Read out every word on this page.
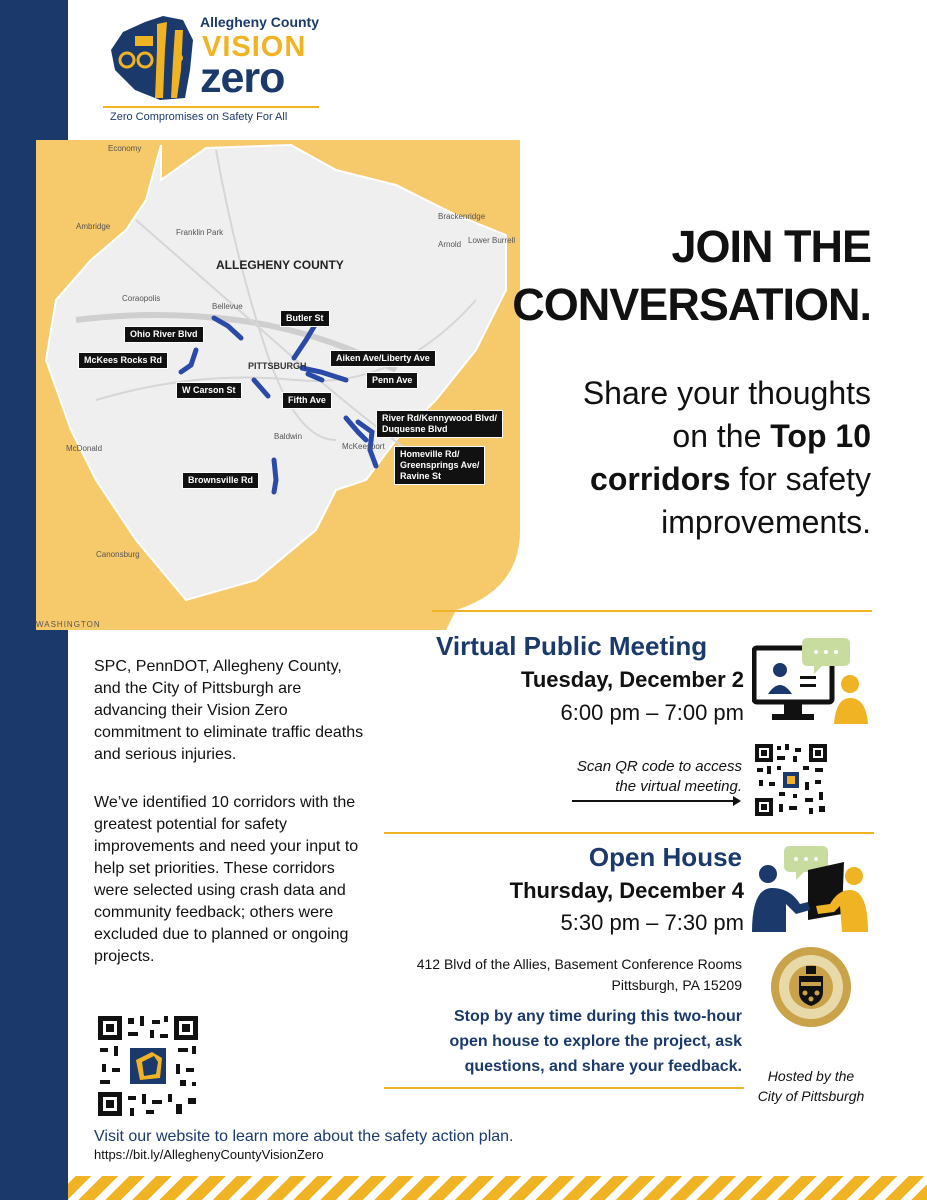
Allegheny County
VISION
zero
Zero Compromises on Safety For All
Economy
Ambridge
Franklin Park
Brackenridge
Arnold Lower Burrell
Coraopolis
Bellevue
Baldwin
McKeesport
McDonald
Canonsburg
WASHINGTON
ALLEGHENY COUNTY
PITTSBURGH
Butler St
Ohio River Blvd
Aiken Ave/Liberty Ave
McKees Rocks Rd
Penn Ave
W Carson St
Fifth Ave
River Rd/Kennywood Blvd/
Duquesne Blvd
Homeville Rd/
Greensprings Ave/
Ravine St
Brownsville Rd
JOIN THE
CONVERSATION.
Share your thoughts
on the Top 10
corridors for safety
improvements.
Virtual Public Meeting
Tuesday, December 2
6:00 pm – 7:00 pm
Scan QR code to access
the virtual meeting.
Open House
Thursday, December 4
5:30 pm – 7:30 pm
412 Blvd of the Allies, Basement Conference Rooms
Pittsburgh, PA 15209
Stop by any time during this two-hour
open house to explore the project, ask
questions, and share your feedback.
Hosted by the
City of Pittsburgh
SPC, PennDOT, Allegheny County, and the City of Pittsburgh are advancing their Vision Zero commitment to eliminate traffic deaths and serious injuries.
We’ve identified 10 corridors with the greatest potential for safety improvements and need your input to help set priorities. These corridors were selected using crash data and community feedback; others were excluded due to planned or ongoing projects.
Visit our website to learn more about the safety action plan.
https://bit.ly/AlleghenyCountyVisionZero
